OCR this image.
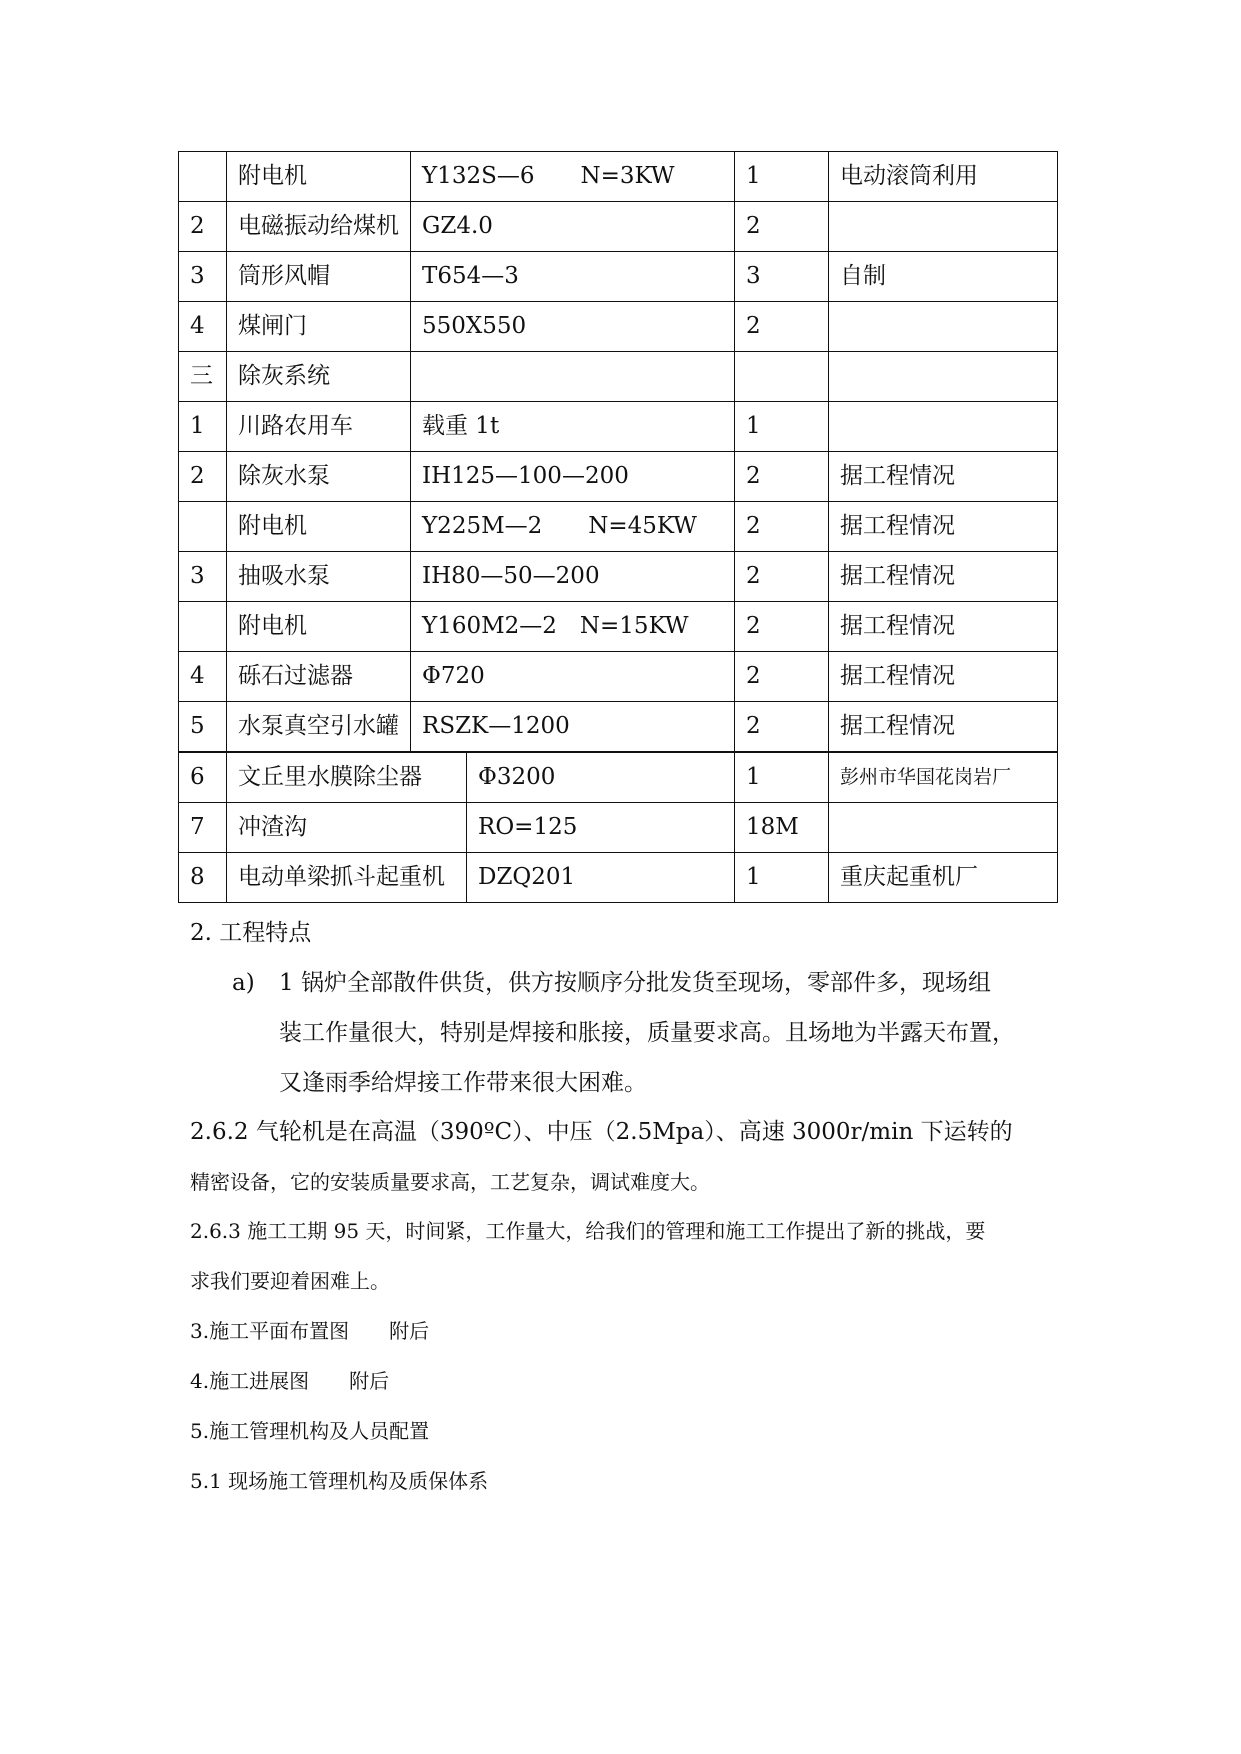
	附电机	Y132S—6　　N=3KW		1	电动滚筒利用
2	电磁振动给煤机	GZ4.0		2	
3	筒形风帽	T654—3		3	自制
4	煤闸门	550X550		2	
三	除灰系统				
1	川路农用车	载重 1t		1	
2	除灰水泵	IH125—100—200		2	据工程情况
	附电机	Y225M—2　　N=45KW		2	据工程情况
3	抽吸水泵	IH80—50—200		2	据工程情况
	附电机	Y160M2—2　N=15KW		2	据工程情况
4	砾石过滤器	Φ720		2	据工程情况
5	水泵真空引水罐	RSZK—1200		2	据工程情况
6	文丘里水膜除尘器		Φ3200	1	彭州市华国花岗岩厂
7	冲渣沟		RO=125	18M	
8	电动单梁抓斗起重机		DZQ201	1	重庆起重机厂
2. 工程特点
a) 1 锅炉全部散件供货，供方按顺序分批发货至现场，零部件多，现场组
装工作量很大，特别是焊接和胀接，质量要求高。且场地为半露天布置，
又逢雨季给焊接工作带来很大困难。
2.6.2 气轮机是在高温（390ºC）、中压（2.5Mpa）、高速 3000r/min 下运转的
精密设备，它的安装质量要求高，工艺复杂，调试难度大。
2.6.3 施工工期 95 天，时间紧，工作量大，给我们的管理和施工工作提出了新的挑战，要
求我们要迎着困难上。
3.施工平面布置图　　附后
4.施工进展图　　附后
5.施工管理机构及人员配置
5.1 现场施工管理机构及质保体系
